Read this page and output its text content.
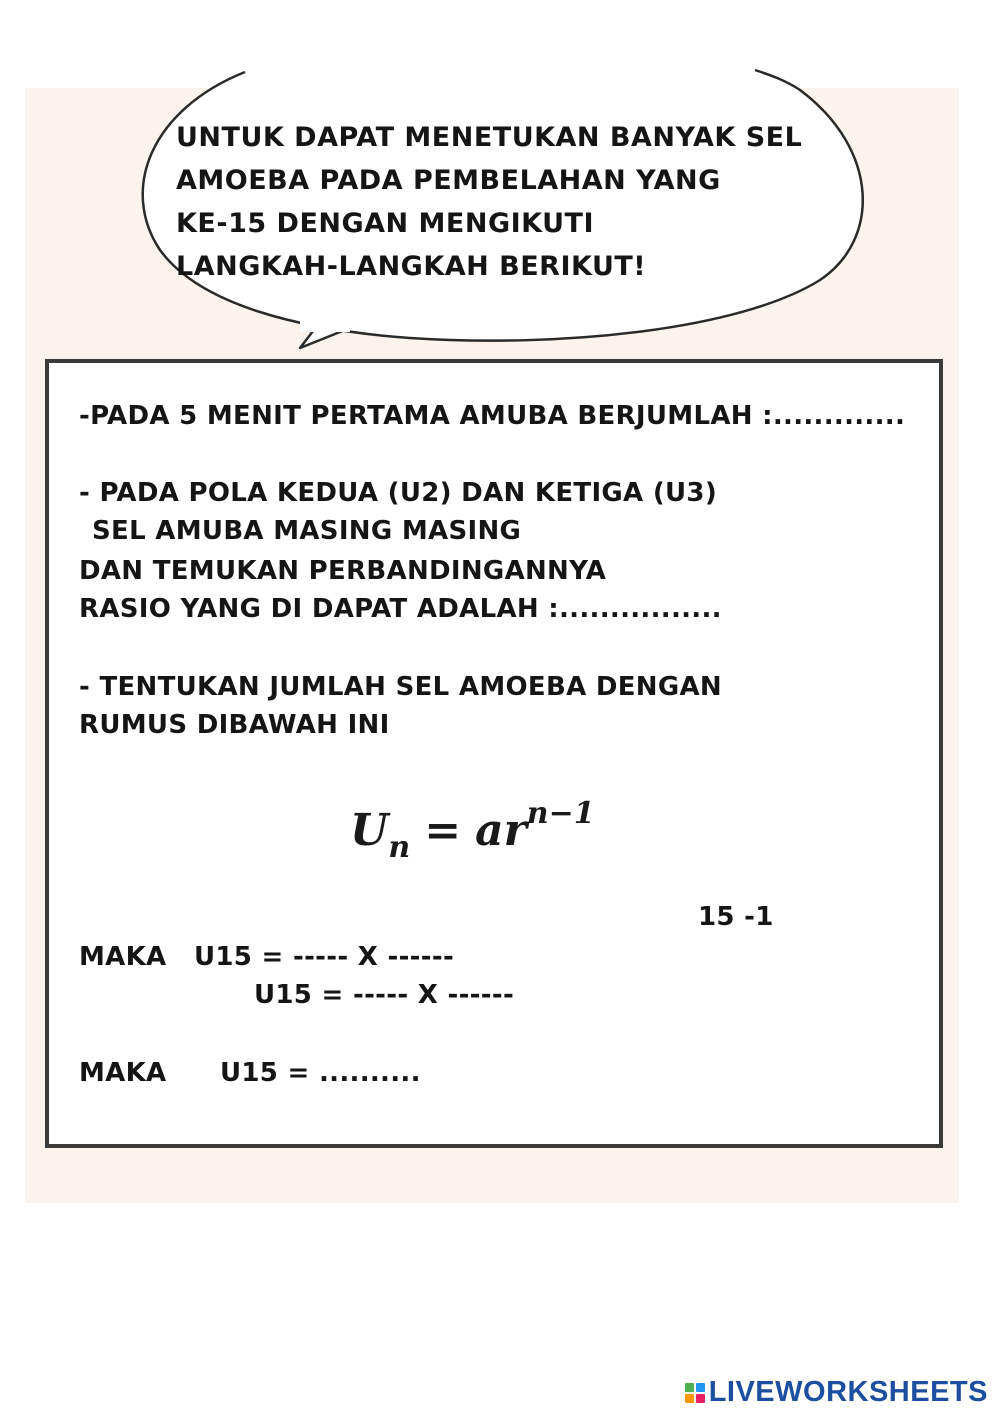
UNTUK DAPAT MENETUKAN BANYAK SEL
AMOEBA PADA PEMBELAHAN YANG
KE-15 DENGAN MENGIKUTI
LANGKAH-LANGKAH BERIKUT!
-PADA 5 MENIT PERTAMA AMUBA BERJUMLAH :.............
- PADA POLA KEDUA (U2) DAN KETIGA (U3)
SEL AMUBA MASING MASING
DAN TEMUKAN PERBANDINGANNYA
RASIO YANG DI DAPAT ADALAH :................
- TENTUKAN JUMLAH SEL AMOEBA DENGAN
RUMUS DIBAWAH INI
$U_n = ar^{n-1}$
15 -1
MAKA U15 = ----- X ------
U15 = ----- X ------
MAKA U15 = ..........
LIVEWORKSHEETS
